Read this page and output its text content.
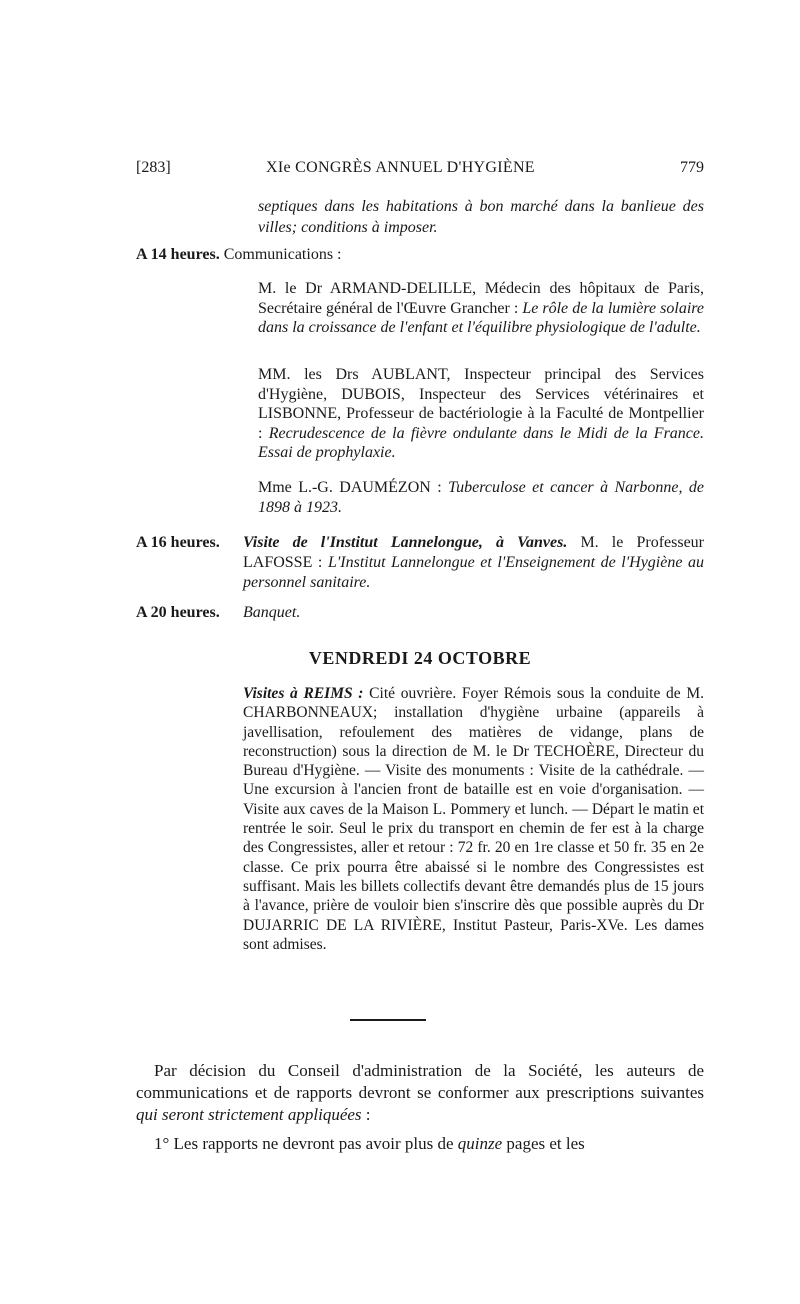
[283]	XIe CONGRÈS ANNUEL D'HYGIÈNE	779
septiques dans les habitations à bon marché dans la banlieue des villes; conditions à imposer.
A 14 heures. Communications :
M. le Dr ARMAND-DELILLE, Médecin des hôpitaux de Paris, Secrétaire général de l'Œuvre Grancher : Le rôle de la lumière solaire dans la croissance de l'enfant et l'équilibre physiologique de l'adulte.
MM. les Drs AUBLANT, Inspecteur principal des Services d'Hygiène, DUBOIS, Inspecteur des Services vétérinaires et LISBONNE, Professeur de bactériologie à la Faculté de Montpellier : Recrudescence de la fièvre ondulante dans le Midi de la France. Essai de prophylaxie.
Mme L.-G. DAUMÉZON : Tuberculose et cancer à Narbonne, de 1898 à 1923.
A 16 heures. Visite de l'Institut Lannelongue, à Vanves. M. le Professeur LAFOSSE : L'Institut Lannelongue et l'Enseignement de l'Hygiène au personnel sanitaire.
A 20 heures. Banquet.
VENDREDI 24 OCTOBRE
Visites à REIMS : Cité ouvrière. Foyer Rémois sous la conduite de M. CHARBONNEAUX; installation d'hygiène urbaine (appareils à javellisation, refoulement des matières de vidange, plans de reconstruction) sous la direction de M. le Dr TECHOÈRE, Directeur du Bureau d'Hygiène. — Visite des monuments : Visite de la cathédrale. — Une excursion à l'ancien front de bataille est en voie d'organisation. — Visite aux caves de la Maison L. Pommery et lunch. — Départ le matin et rentrée le soir. Seul le prix du transport en chemin de fer est à la charge des Congressistes, aller et retour : 72 fr. 20 en 1re classe et 50 fr. 35 en 2e classe. Ce prix pourra être abaissé si le nombre des Congressistes est suffisant. Mais les billets collectifs devant être demandés plus de 15 jours à l'avance, prière de vouloir bien s'inscrire dès que possible auprès du Dr DUJARRIC DE LA RIVIÈRE, Institut Pasteur, Paris-XVe. Les dames sont admises.
Par décision du Conseil d'administration de la Société, les auteurs de communications et de rapports devront se conformer aux prescriptions suivantes qui seront strictement appliquées :
1° Les rapports ne devront pas avoir plus de quinze pages et les
